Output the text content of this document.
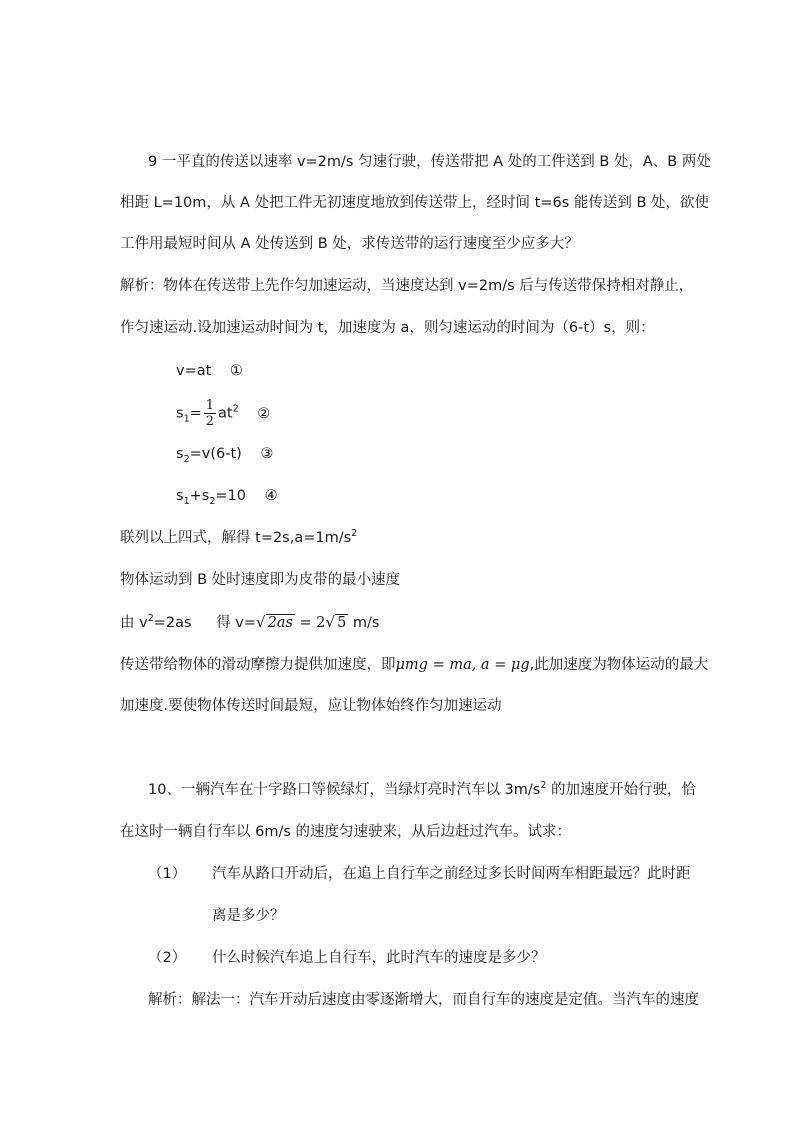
9 一平直的传送以速率 v=2m/s 匀速行驶，传送带把 A 处的工件送到 B 处，A、B 两处
相距 L=10m，从 A 处把工件无初速度地放到传送带上，经时间 t=6s 能传送到 B 处，欲使
工件用最短时间从 A 处传送到 B 处，求传送带的运行速度至少应多大？
解析：物体在传送带上先作匀加速运动，当速度达到 v=2m/s 后与传送带保持相对静止，
作匀速运动.设加速运动时间为 t，加速度为 a，则匀速运动的时间为（6-t）s，则：
v=at ①
$s_1= \frac{1}{2} at^2$ ②
$s_2=v(6-t)$ ③
$s_1+s_2=10$ ④
联列以上四式，解得 $t=2s,a=1m/s^2$
物体运动到 B 处时速度即为皮带的最小速度
由 $v^2=2as$ 得 v=√ 2as = 2√ 5 m/s
传送带给物体的滑动摩擦力提供加速度，即μmg = ma, a = μg,此加速度为物体运动的最大
加速度.要使物体传送时间最短，应让物体始终作匀加速运动
10、一辆汽车在十字路口等候绿灯，当绿灯亮时汽车以 $3m/s^2$ 的加速度开始行驶，恰
在这时一辆自行车以 6m/s 的速度匀速驶来，从后边赶过汽车。试求：
（1） 汽车从路口开动后，在追上自行车之前经过多长时间两车相距最远？此时距
离是多少？
（2） 什么时候汽车追上自行车，此时汽车的速度是多少？
解析：解法一：汽车开动后速度由零逐渐增大，而自行车的速度是定值。当汽车的速度
